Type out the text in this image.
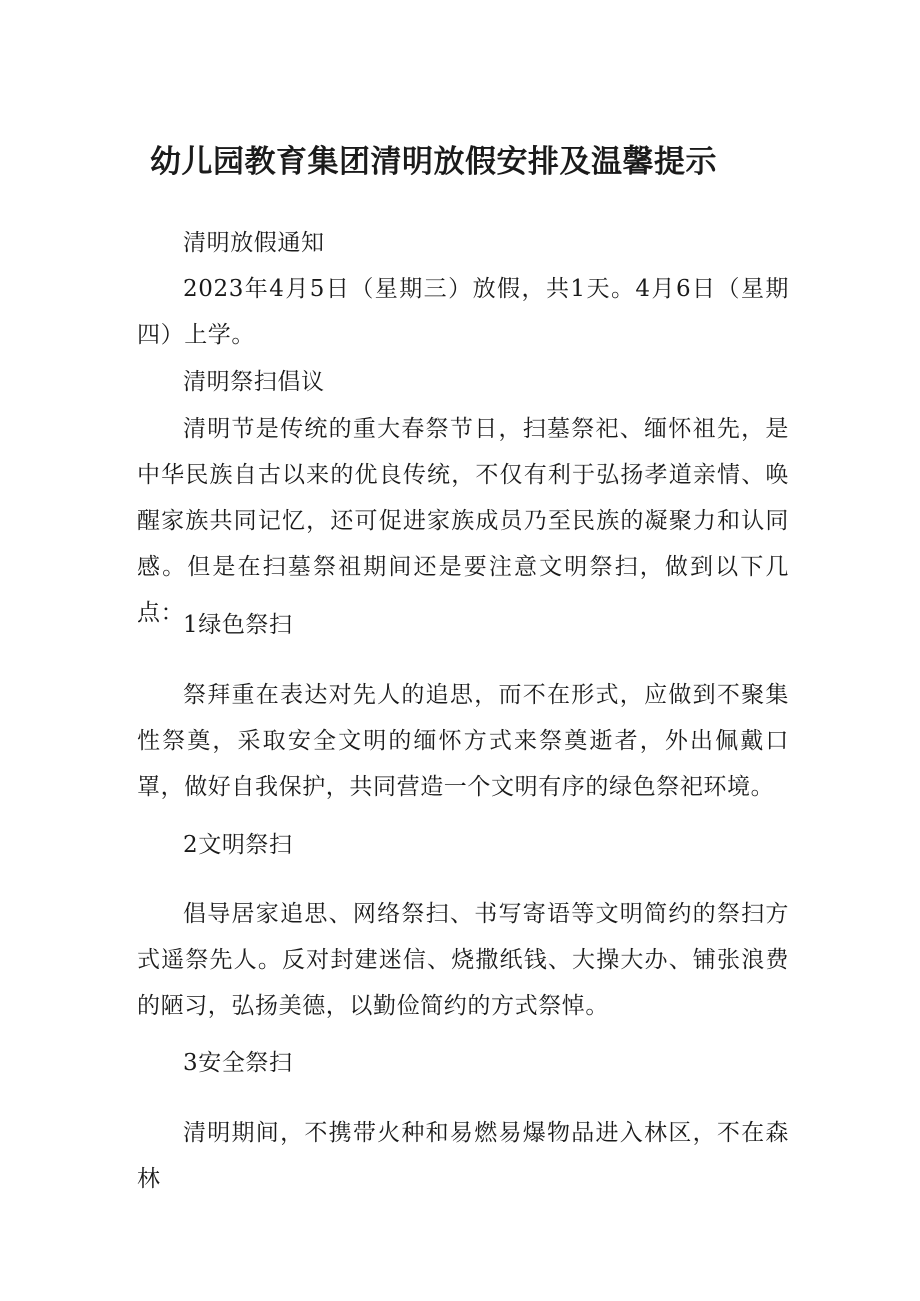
幼儿园教育集团清明放假安排及温馨提示

清明放假通知

2023年4月5日（星期三）放假，共1天。4月6日（星期四）上学。

清明祭扫倡议

清明节是传统的重大春祭节日，扫墓祭祀、缅怀祖先，是中华民族自古以来的优良传统，不仅有利于弘扬孝道亲情、唤醒家族共同记忆，还可促进家族成员乃至民族的凝聚力和认同感。但是在扫墓祭祖期间还是要注意文明祭扫，做到以下几点：

1绿色祭扫

祭拜重在表达对先人的追思，而不在形式，应做到不聚集性祭奠，采取安全文明的缅怀方式来祭奠逝者，外出佩戴口罩，做好自我保护，共同营造一个文明有序的绿色祭祀环境。

2文明祭扫

倡导居家追思、网络祭扫、书写寄语等文明简约的祭扫方式遥祭先人。反对封建迷信、烧撒纸钱、大操大办、铺张浪费的陋习，弘扬美德，以勤俭简约的方式祭悼。

3安全祭扫

清明期间，不携带火种和易燃易爆物品进入林区，不在森林
